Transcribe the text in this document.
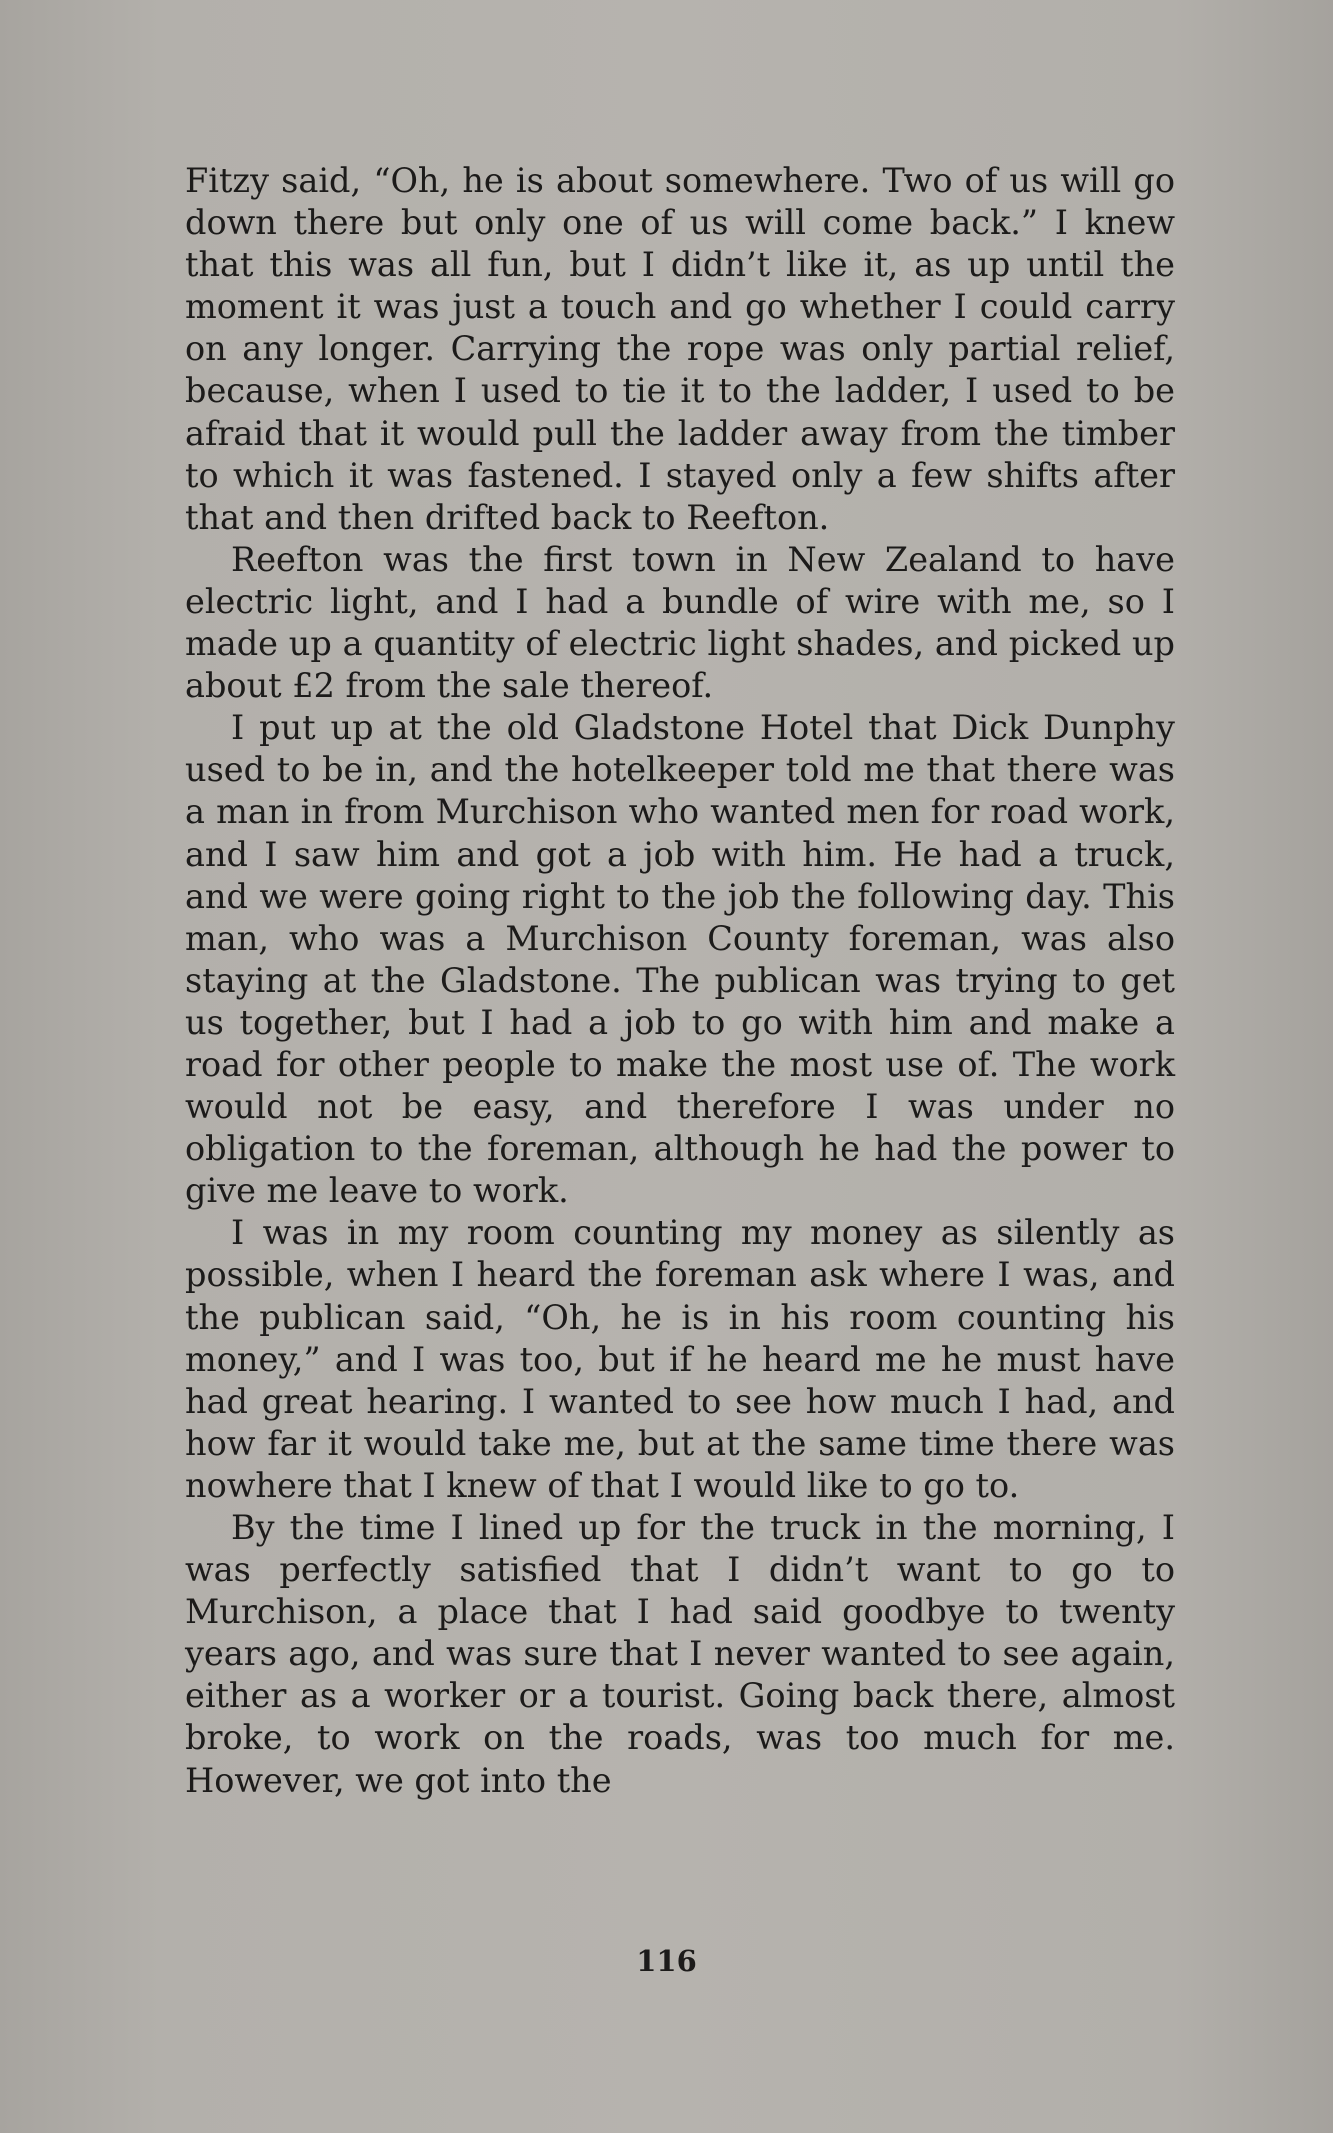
Fitzy said, “Oh, he is about somewhere. Two of us will go down there but only one of us will come back.” I knew that this was all fun, but I didn’t like it, as up until the moment it was just a touch and go whether I could carry on any longer. Carrying the rope was only partial relief, because, when I used to tie it to the ladder, I used to be afraid that it would pull the ladder away from the timber to which it was fastened. I stayed only a few shifts after that and then drifted back to Reefton.

Reefton was the first town in New Zealand to have electric light, and I had a bundle of wire with me, so I made up a quantity of electric light shades, and picked up about £2 from the sale thereof.

I put up at the old Gladstone Hotel that Dick Dunphy used to be in, and the hotelkeeper told me that there was a man in from Murchison who wanted men for road work, and I saw him and got a job with him. He had a truck, and we were going right to the job the following day. This man, who was a Murchison County foreman, was also staying at the Gladstone. The publican was trying to get us together, but I had a job to go with him and make a road for other people to make the most use of. The work would not be easy, and therefore I was under no obligation to the foreman, although he had the power to give me leave to work.

I was in my room counting my money as silently as possible, when I heard the foreman ask where I was, and the publican said, “Oh, he is in his room counting his money,” and I was too, but if he heard me he must have had great hearing. I wanted to see how much I had, and how far it would take me, but at the same time there was nowhere that I knew of that I would like to go to.

By the time I lined up for the truck in the morning, I was perfectly satisfied that I didn’t want to go to Murchison, a place that I had said goodbye to twenty years ago, and was sure that I never wanted to see again, either as a worker or a tourist. Going back there, almost broke, to work on the roads, was too much for me. However, we got into the

116
